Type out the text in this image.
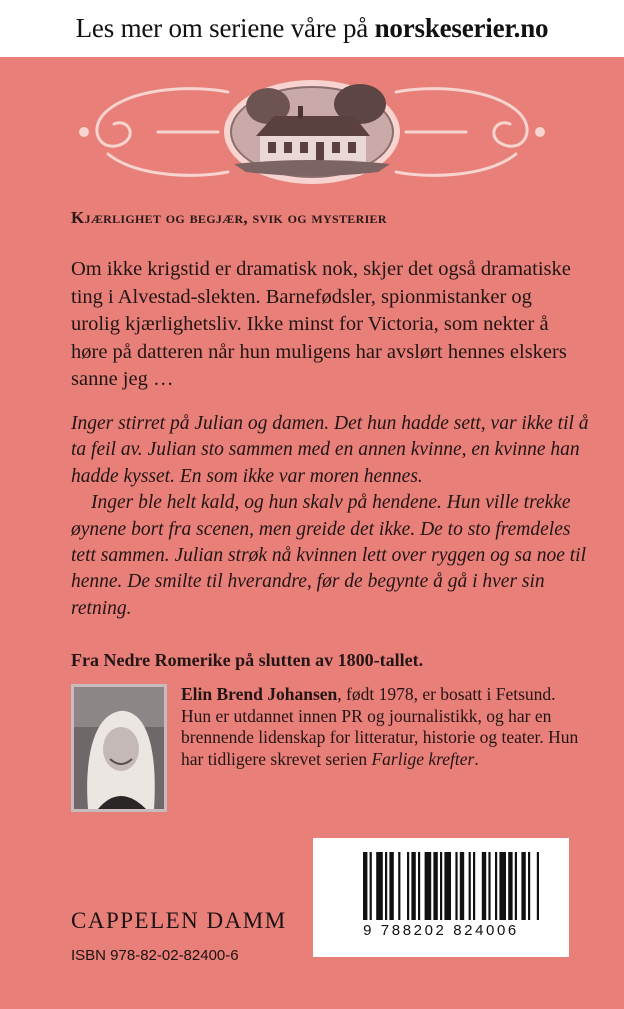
Les mer om seriene våre på norskeserier.no
Kjærlighet og begjær, svik og mysterier

Om ikke krigstid er dramatisk nok, skjer det også dramatiske ting i Alvestad-slekten. Barnefødsler, spionmistanker og urolig kjærlighetsliv. Ikke minst for Victoria, som nekter å høre på datteren når hun muligens har avslørt hennes elskers sanne jeg …

Inger stirret på Julian og damen. Det hun hadde sett, var ikke til å ta feil av. Julian sto sammen med en annen kvinne, en kvinne han hadde kysset. En som ikke var moren hennes.

Inger ble helt kald, og hun skalv på hendene. Hun ville trekke øynene bort fra scenen, men greide det ikke. De to sto fremdeles tett sammen. Julian strøk nå kvinnen lett over ryggen og sa noe til henne. De smilte til hverandre, før de begynte å gå i hver sin retning.

Fra Nedre Romerike på slutten av 1800-tallet.

Elin Brend Johansen, født 1978, er bosatt i Fetsund. Hun er utdannet innen PR og journalistikk, og har en brennende lidenskap for litteratur, historie og teater. Hun har tidligere skrevet serien Farlige krefter.

9 788202 824006
CAPPELEN DAMM
ISBN 978-82-02-82400-6
